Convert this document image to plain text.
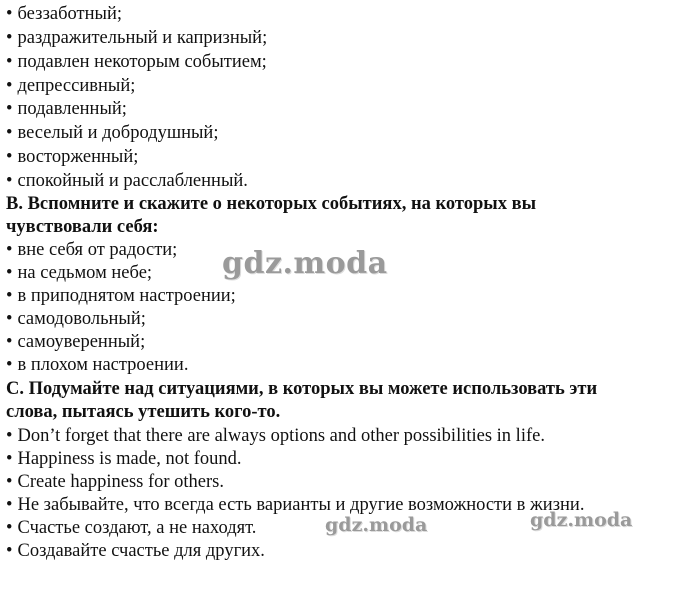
• беззаботный;
• раздражительный и капризный;
• подавлен некоторым событием;
• депрессивный;
• подавленный;
• веселый и добродушный;
• восторженный;
• спокойный и расслабленный.
B. Вспомните и скажите о некоторых событиях, на которых вы
чувствовали себя:
• вне себя от радости;
• на седьмом небе;
• в приподнятом настроении;
• самодовольный;
• самоуверенный;
• в плохом настроении.
C. Подумайте над ситуациями, в которых вы можете использовать эти
слова, пытаясь утешить кого-то.
• Don’t forget that there are always options and other possibilities in life.
• Happiness is made, not found.
• Create happiness for others.
• Не забывайте, что всегда есть варианты и другие возможности в жизни.
• Счастье создают, а не находят.
• Создавайте счастье для других.
gdz.moda
gdz.moda	gdz.moda
